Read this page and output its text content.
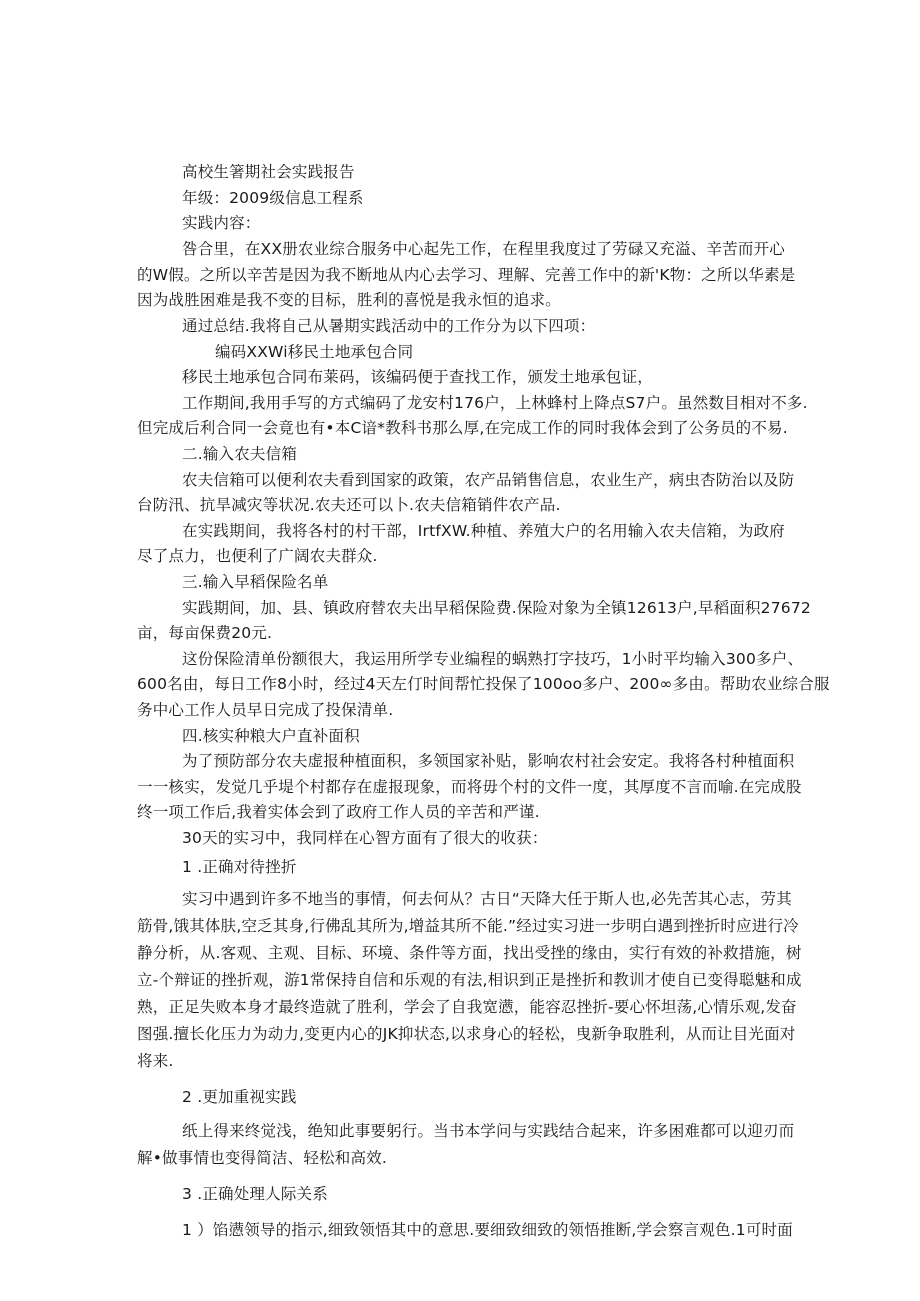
高校生箸期社会实践报告
年级：2009级信息工程系
实践内容：
咎合里，在XX册农业综合服务中心起先工作，在程里我度过了劳碌又充溢、辛苦而开心
的W假。之所以辛苦是因为我不断地从内心去学习、理解、完善工作中的新'K物：之所以华素是
因为战胜困难是我不变的目标，胜利的喜悦是我永恒的追求。
通过总结.我将自己从暑期实践活动中的工作分为以下四项：
编码XXWi移民土地承包合同
移民土地承包合同布莱码，该编码便于查找工作，颁发土地承包证，
工作期间,我用手写的方式编码了龙安村176户，上林蜂村上降点S7户。虽然数目相对不多.
但完成后利合同一会竟也有•本C谙*教科书那么厚,在完成工作的同时我体会到了公务员的不易.
二.输入农夫信箱
农夫信箱可以便利农夫看到国家的政策，农产品销售信息，农业生产，病虫杏防治以及防
台防汛、抗旱减灾等状况.农夫还可以卜.农夫信箱销件农产品.
在实践期间，我将各村的村干部，IrtfXW.种植、养殖大户的名用输入农夫信箱，为政府
尽了点力，也便利了广阔农夫群众.
三.输入早稻保险名单
实践期间，加、县、镇政府替农夫出早稻保险费.保险对象为全镇12613户,早稻面积27672
亩，每亩保费20元.
这份保险清单份额很大，我运用所学专业编程的蜗熟打字技巧，1小时平均输入300多户、
600名由，每日工作8小时，经过4天左仃时间帮忙投保了100oo多户、200∞多由。帮助农业综合服
务中心工作人员早日完成了投保清单.
四.核实种粮大户直补面积
为了预防部分农夫虚报种植面积，多领国家补贴，影响农村社会安定。我将各村种植面积
一一核实，发觉几乎堤个村都存在虚报现象，而将毋个村的文件一度，其厚度不言而喻.在完成股
终一项工作后,我着实体会到了政府工作人员的辛苦和严谨.
30天的实习中，我同样在心智方面有了很大的收获：
1 .正确对待挫折
实习中遇到许多不地当的事情，何去何从？古日“天降大任于斯人也,必先苦其心志，劳其
筋骨,饿其体肤,空乏其身,行佛乱其所为,增益其所不能.”经过实习进一步明白遇到挫折时应进行冷
静分析，从.客观、主观、目标、环境、条件等方面，找出受挫的缘由，实行有效的补救措施，树
立-个辩证的挫折观，游1常保持自信和乐观的有法,相识到正是挫折和教训才使自已变得聪魅和成
熟，正足失败本身才最终造就了胜利，学会了自我宽懑，能容忍挫折-要心怀坦荡,心情乐观,发奋
图强.擅长化压力为动力,变更内心的JK抑状态,以求身心的轻松，曳新争取胜利，从而让目光面对
将来.
2 .更加重视实践
纸上得来终觉浅，绝知此事要躬行。当书本学问与实践结合起来，许多困难都可以迎刃而
解•做事情也变得简洁、轻松和高效.
3 .正确处理人际关系
1 ）馅懑领导的指示,细致领悟其中的意思.要细致细致的领悟推断,学会察言观色.1可时面
